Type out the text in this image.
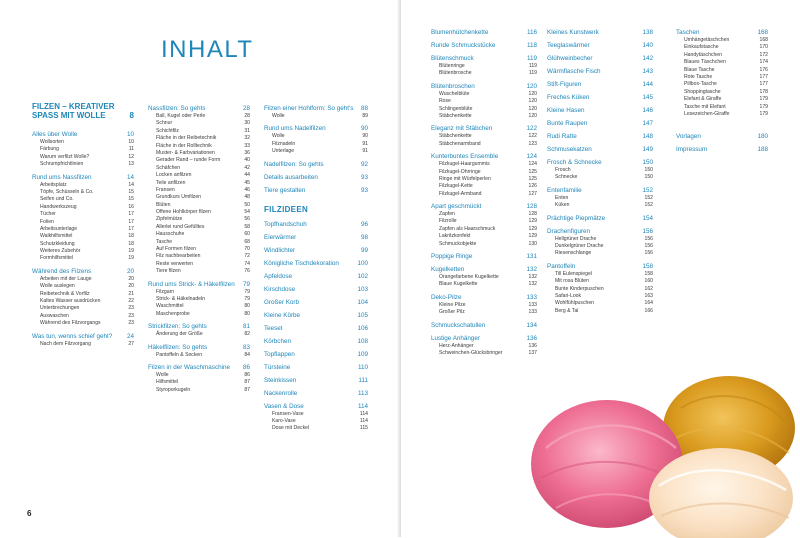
INHALT
FILZEN – KREATIVER SPASS MIT WOLLE	8
Alles über Wolle	10
Wollsorten	10
Färbung	11
Warum verfilzt Wolle?	12
Schrumpfrichtlinien	13
Rund ums Nassfilzen	14
Arbeitsplatz	14
Töpfe, Schüsseln & Co.	15
Seifen und Co.	15
Handwerkszeug	16
Tücher	17
Folien	17
Arbeitsunterlage	17
Walkhilfsmittel	18
Schutzkleidung	18
Weiteres Zubehör	19
Formhilfsmittel	19
Während des Filzens	20
Arbeiten mit der Lauge	20
Wolle auslegen	20
Reibetechnik & Vorfilz	21
Kaltes Wasser ausdrücken	22
Unterbrechungen	23
Auswaschen	23
Während des Filzvorgangs	23
Was tun, wenns schief geht? 24
Nach dem Filzvorgang	27
Nassfilzen: So gehts	28
Ball, Kugel oder Perle	28
Schnur	30
Schichtfilz	31
Fläche in der Reibetechnik	32
Fläche in der Rolltechnik	33
Muster- & Farbvariationen	36
Gerader Rand – runde Form	40
Schäfchen	42
Locken anfilzen	44
Teile anfilzen	45
Fransen	46
Grundkurs Umfilzen	48
Blüten	50
Offene Hohlkörper filzen	54
Zipfelmütze	56
Allerlei rund Gefülltes	58
Hausschuhe	60
Tasche	68
Auf Formen filzen	70
Filz nachbearbeiten	72
Reste verwerten	74
Tiere filzen	76
Rund ums Strick- & Häkelfilzen 79
Filzgarn	79
Strick- & Häkelnadeln	79
Waschmittel	80
Maschenprobe	80
Strickfilzen: So gehts	81
Änderung der Größe	82
Häkelfilzen: So gehts	83
Pantoffeln & Socken	84
Filzen in der Waschmaschine 86
Wolle	86
Hilfsmittel	87
Styroporkugeln	87
Filzen einer Hohlform: So geht's 88
Wolle	89
Rund ums Nadelfilzen	90
Wolle	90
Filznadeln	91
Unterlage	91
Nadelfilzen: So gehts	92
Details ausarbeiten	93
Tiere gestalten	93
FILZIDEEN
Topfhandschuh	96
Eierwärmer	98
Windlichter	99
Königliche Tischdekoration	100
Apfeldose	102
Kirschdose	103
Großer Korb	104
Kleine Körbe	105
Teeset	106
Körbchen	108
Topflappen	109
Türsteine	110
Steinkissen	111
Nackenrolle	113
Vasen & Dose	114
Fransen-Vase	114
Karo-Vase	114
Dose mit Deckel	115
6
Blumenhütchenkette	116
Runde Schmuckstücke	118
Blütenschmuck	119
Blütenringe	119
Blütenbrosche	119
Blütenbroschen	120
Wuschelblüte	120
Rose	120
Schlingenblüte	120
Stäbchenkette	120
Eleganz mit Stäbchen	122
Stäbchenkette	122
Stäbchenarmband	123
Kunterbuntes Ensemble	124
Filzkugel-Haargummis	124
Filzkugel-Ohrringe	125
Ringe mit Würfelperlen	125
Filzkugel-Kette	126
Filzkugel-Armband	127
Apart geschmückt	128
Zapfen	128
Filzrolle	129
Zapfen als Haarschmuck	129
Lakritzkonfekt	129
Schmuckobjekte	130
Poppige Ringe	131
Kugelketten	132
Orangefarbene Kugelkette	132
Blaue Kugelkette	132
Deko-Pilze	133
Kleine Pilze	133
Großer Pilz	133
Schmuckschatullen	134
Lustige Anhänger	136
Herz-Anhänger	136
Schweinchen-Glücksbringer	137
Kleines Kunstwerk	138
Teeglaswärmer	140
Glühweinbecher	142
Wärmflasche Fisch	143
Stift-Figuren	144
Freches Küken	145
Kleine Hasen	146
Bunte Raupen	147
Rudi Ratte	148
Schmusekatzen	149
Frosch & Schnecke	150
Frosch	150
Schnecke	150
Entenfamilie	152
Enten	152
Küken	152
Prächtige Piepmätze	154
Drachenfiguren	156
Hellgrüner Drache	156
Dunkelgrüner Drache	156
Riesenschlange	156
Pantoffeln	158
Till Eulenspiegel	158
Mit rosa Blüten	160
Bunte Kinderpuschen	162
Safari-Look	163
Wohlfühlpuschen	164
Berg & Tal	166
Taschen	168
Umhängetäschchen	168
Einkaufstasche	170
Handytäschchen	172
Blaues Täschchen	174
Blaue Tasche	176
Rote Tasche	177
Pillbox-Tasche	177
Shoppingtasche	178
Elefant & Giraffe	179
Tasche mit Elefant	179
Lesezeichen-Giraffe	179
Vorlagen	180
Impressum	188
